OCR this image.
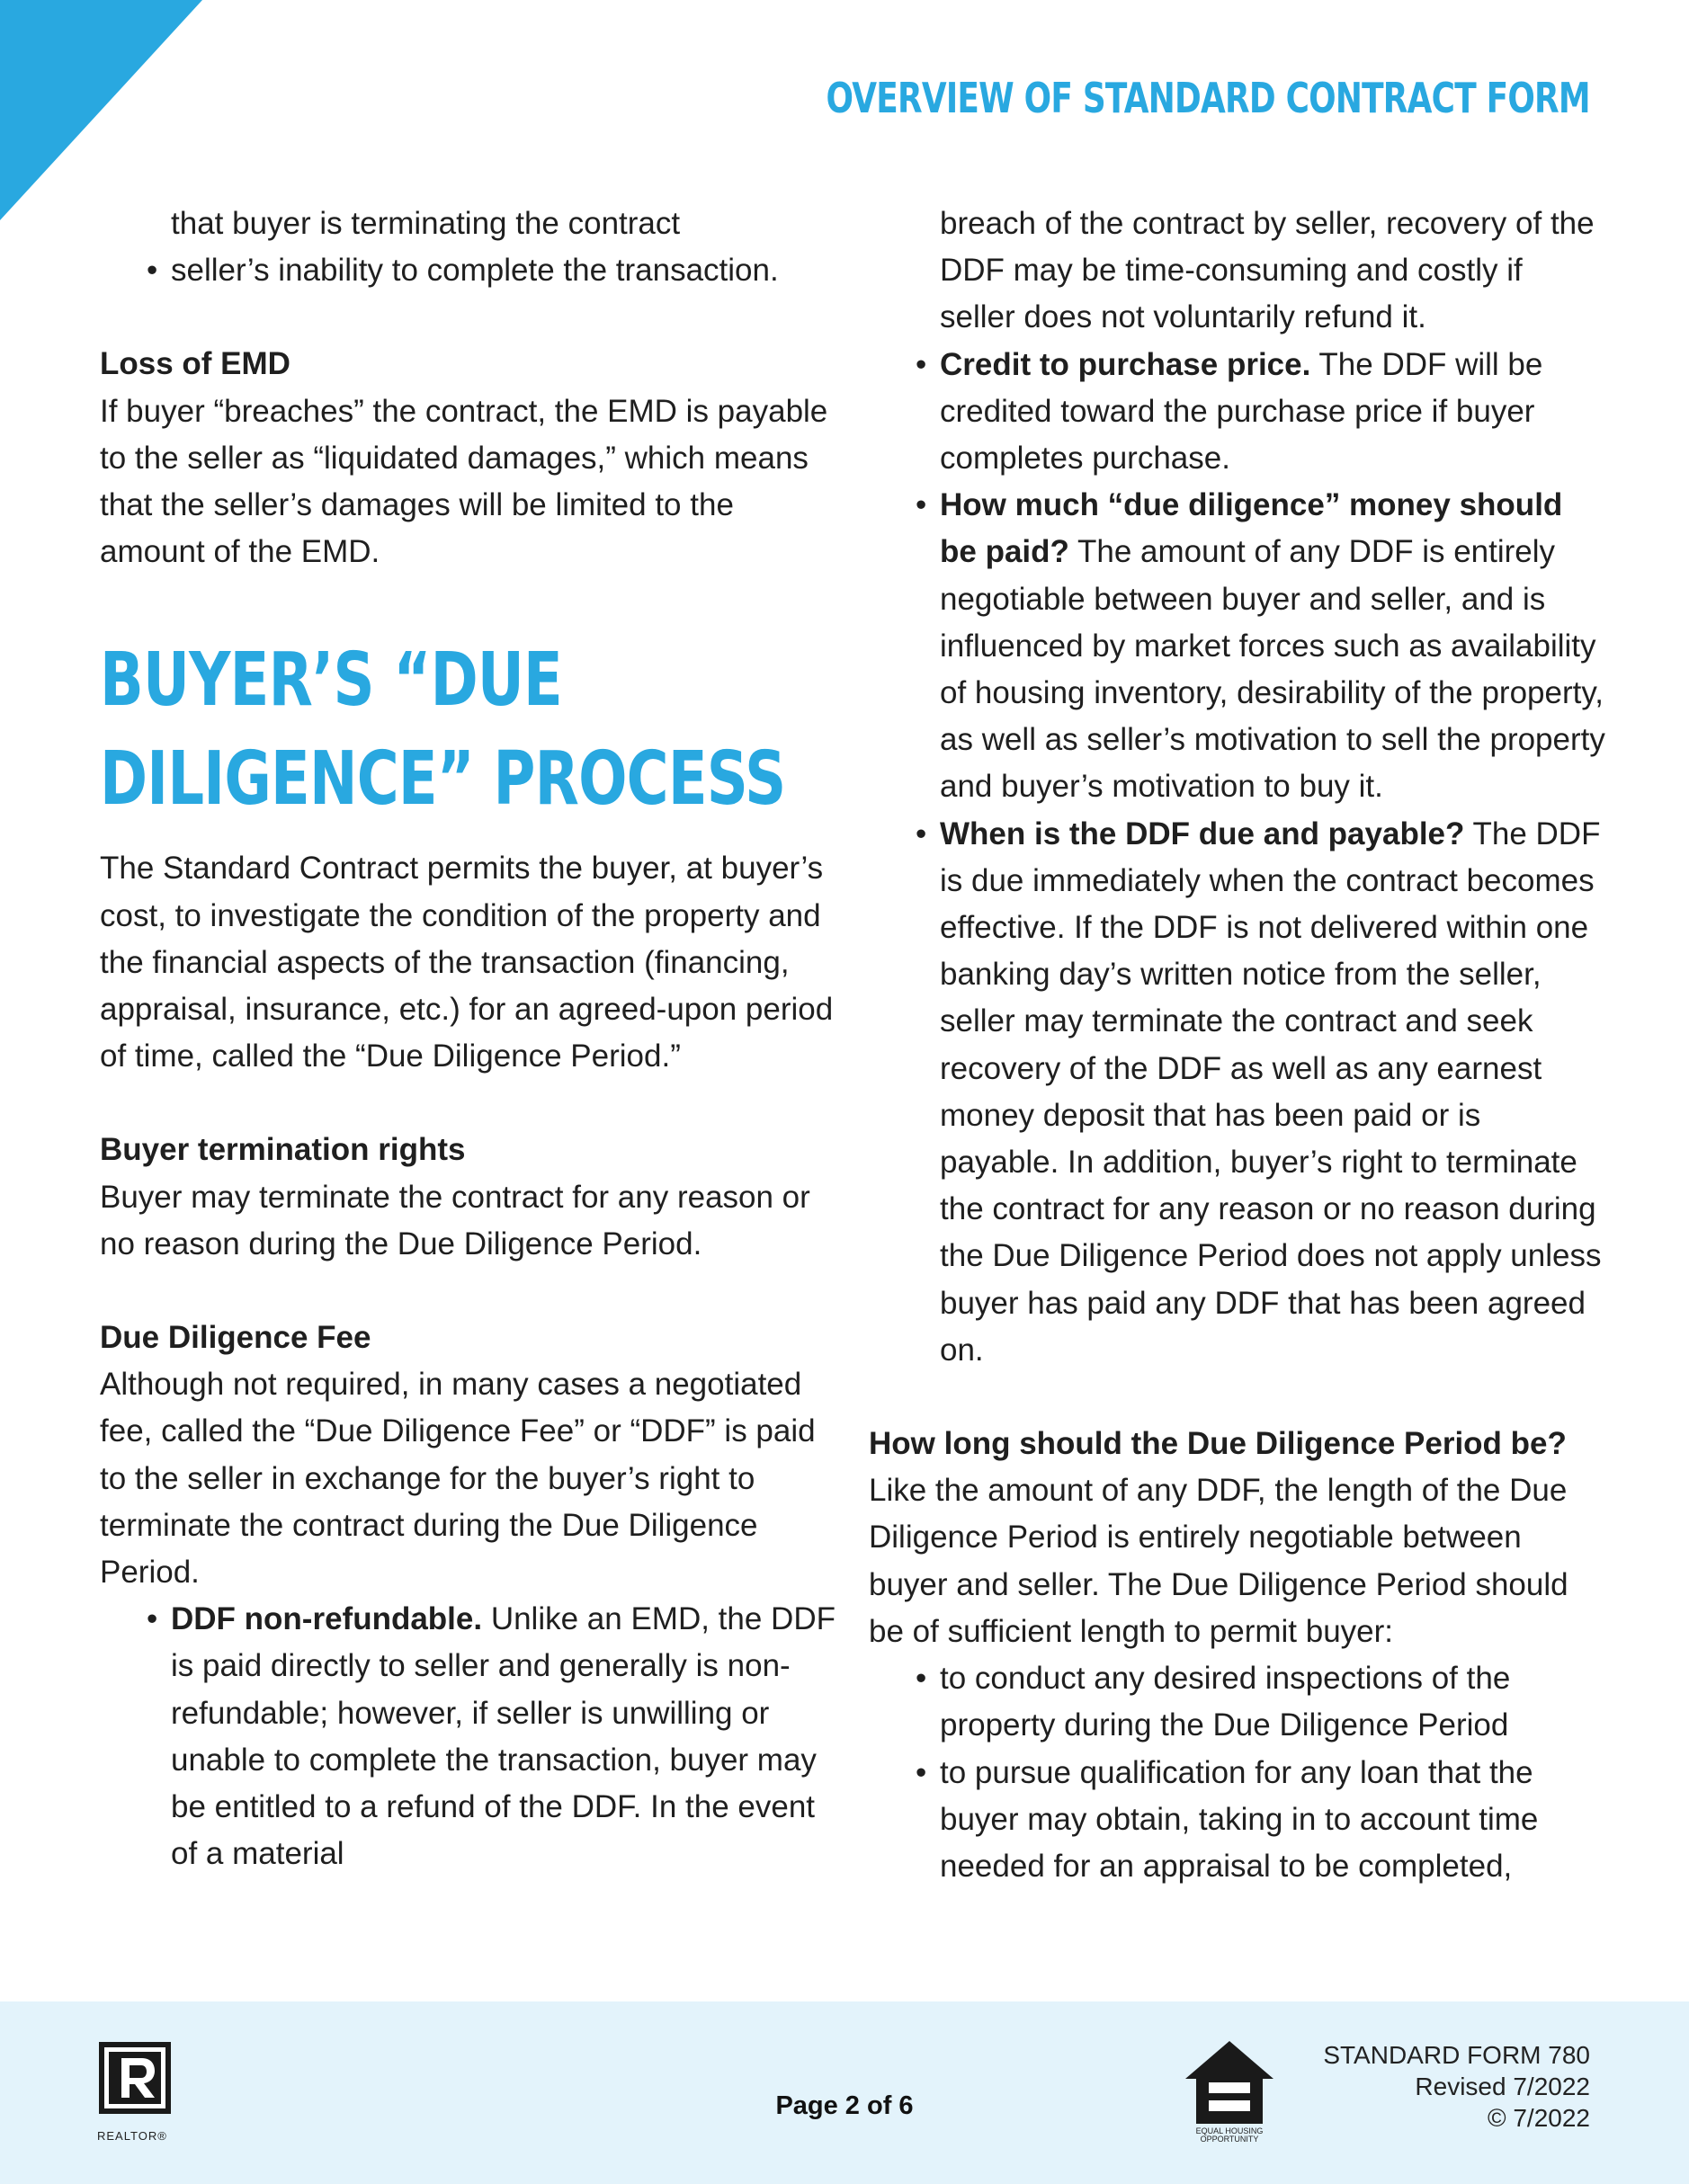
OVERVIEW OF STANDARD CONTRACT FORM
that buyer is terminating the contract
• seller’s inability to complete the transaction.

Loss of EMD

If buyer “breaches” the contract, the EMD is payable to the seller as “liquidated damages,” which means that the seller’s damages will be limited to the amount of the EMD.

BUYER’S “DUE
DILIGENCE” PROCESS

The Standard Contract permits the buyer, at buyer’s cost, to investigate the condition of the property and the financial aspects of the transaction (financing, appraisal, insurance, etc.) for an agreed-upon period of time, called the “Due Diligence Period.”

Buyer termination rights

Buyer may terminate the contract for any reason or no reason during the Due Diligence Period.

Due Diligence Fee

Although not required, in many cases a negotiated fee, called the “Due Diligence Fee” or “DDF” is paid to the seller in exchange for the buyer’s right to terminate the contract during the Due Diligence Period.

• DDF non-refundable. Unlike an EMD, the DDF is paid directly to seller and generally is non-refundable; however, if seller is unwilling or unable to complete the transaction, buyer may be entitled to a refund of the DDF. In the event of a material
breach of the contract by seller, recovery of the DDF may be time-consuming and costly if seller does not voluntarily refund it.
• Credit to purchase price. The DDF will be credited toward the purchase price if buyer completes purchase.
• How much “due diligence” money should be paid? The amount of any DDF is entirely negotiable between buyer and seller, and is influenced by market forces such as availability of housing inventory, desirability of the property, as well as seller’s motivation to sell the property and buyer’s motivation to buy it.
• When is the DDF due and payable? The DDF is due immediately when the contract becomes effective. If the DDF is not delivered within one banking day’s written notice from the seller, seller may terminate the contract and seek recovery of the DDF as well as any earnest money deposit that has been paid or is payable. In addition, buyer’s right to terminate the contract for any reason or no reason during the Due Diligence Period does not apply unless buyer has paid any DDF that has been agreed on.

How long should the Due Diligence Period be?

Like the amount of any DDF, the length of the Due Diligence Period is entirely negotiable between buyer and seller. The Due Diligence Period should be of sufficient length to permit buyer:

• to conduct any desired inspections of the property during the Due Diligence Period
• to pursue qualification for any loan that the buyer may obtain, taking in to account time needed for an appraisal to be completed,
REALTOR®
Page 2 of 6
EQUAL HOUSING OPPORTUNITY
STANDARD FORM 780
Revised 7/2022
© 7/2022
